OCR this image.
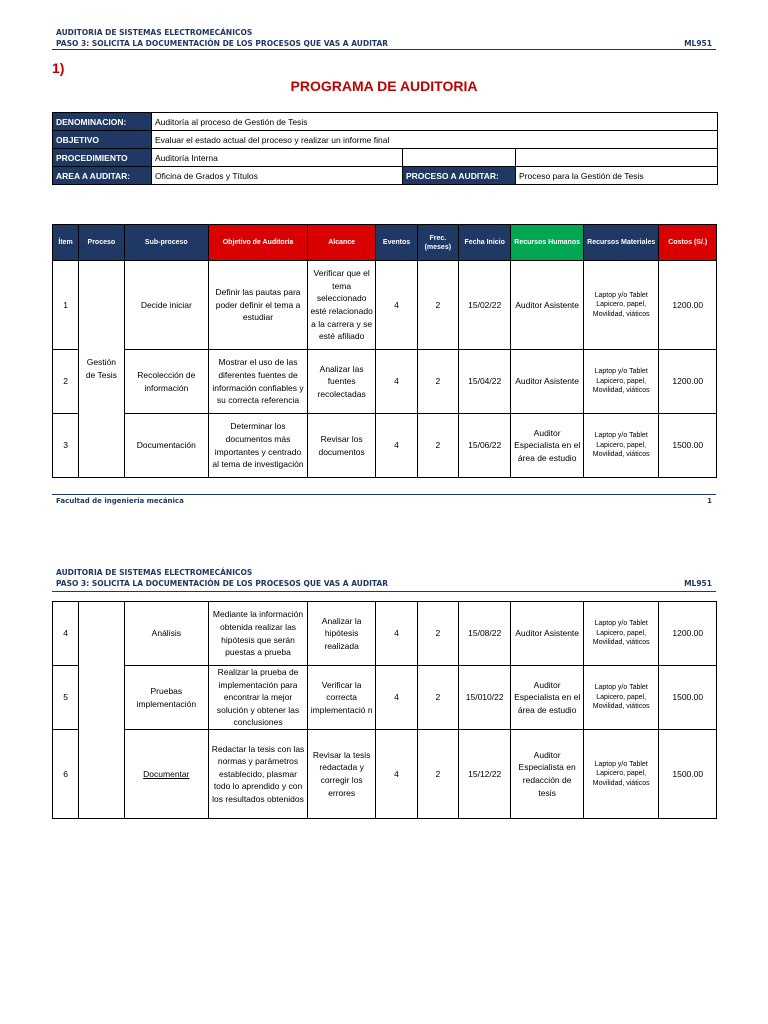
AUDITORIA DE SISTEMAS ELECTROMECÁNICOS
PASO 3: SOLICITA LA DOCUMENTACIÓN DE LOS PROCESOS QUE VAS A AUDITAR	ML951
1)
PROGRAMA DE AUDITORIA
DENOMINACION:	Auditoría al proceso de Gestión de Tesis		
OBJETIVO	Evaluar el estado actual del proceso y realizar un informe final		
PROCEDIMIENTO	Auditoría Interna		
AREA A AUDITAR:	Oficina de Grados y Títulos	PROCESO A AUDITAR:	Proceso para la Gestión de Tesis
Ítem	Proceso	Sub-proceso	Objetivo de Auditoría	Alcance	Eventos	Frec. (meses)	Fecha Inicio	Recursos Humanos	Recursos Materiales	Costos (S/.)
1	Gestión de Tesis	Decide iniciar	Definir las pautas para poder definir el tema a estudiar	Verificar que el tema seleccionado esté relacionado a la carrera y se esté afiliado	4	2	15/02/22	Auditor Asistente	Laptop y/o Tablet Lapicero, papel, Movilidad, viáticos	1200.00
2		Recolección de información	Mostrar el uso de las diferentes fuentes de información confiables y su correcta referencia	Analizar las fuentes recolectadas	4	2	15/04/22	Auditor Asistente	Laptop y/o Tablet Lapicero, papel, Movilidad, viáticos	1200.00
3		Documentación	Determinar los documentos más importantes y centrado al tema de investigación	Revisar los documentos	4	2	15/06/22	Auditor Especialista en el área de estudio	Laptop y/o Tablet Lapicero, papel, Movilidad, viáticos	1500.00
Facultad de ingeniería mecánica	1
AUDITORIA DE SISTEMAS ELECTROMECÁNICOS
PASO 3: SOLICITA LA DOCUMENTACIÓN DE LOS PROCESOS QUE VAS A AUDITAR	ML951
4		Análisis	Mediante la información obtenida realizar las hipótesis que serán puestas a prueba	Analizar la hipótesis realizada	4	2	15/08/22	Auditor Asistente	Laptop y/o Tablet Lapicero, papel, Movilidad, viáticos	1200.00
5		Pruebas implementación	Realizar la prueba de implementación para encontrar la mejor solución y obtener las conclusiones	Verificar la correcta implementació n	4	2	15/010/22	Auditor Especialista en el área de estudio	Laptop y/o Tablet Lapicero, papel, Movilidad, viáticos	1500.00
6		Documentar	Redactar la tesis con las normas y parámetros establecido, plasmar todo lo aprendido y con los resultados obtenidos	Revisar la tesis redactada y corregir los errores	4	2	15/12/22	Auditor Especialista en redacción de tesis	Laptop y/o Tablet Lapicero, papel, Movilidad, viáticos	1500.00
